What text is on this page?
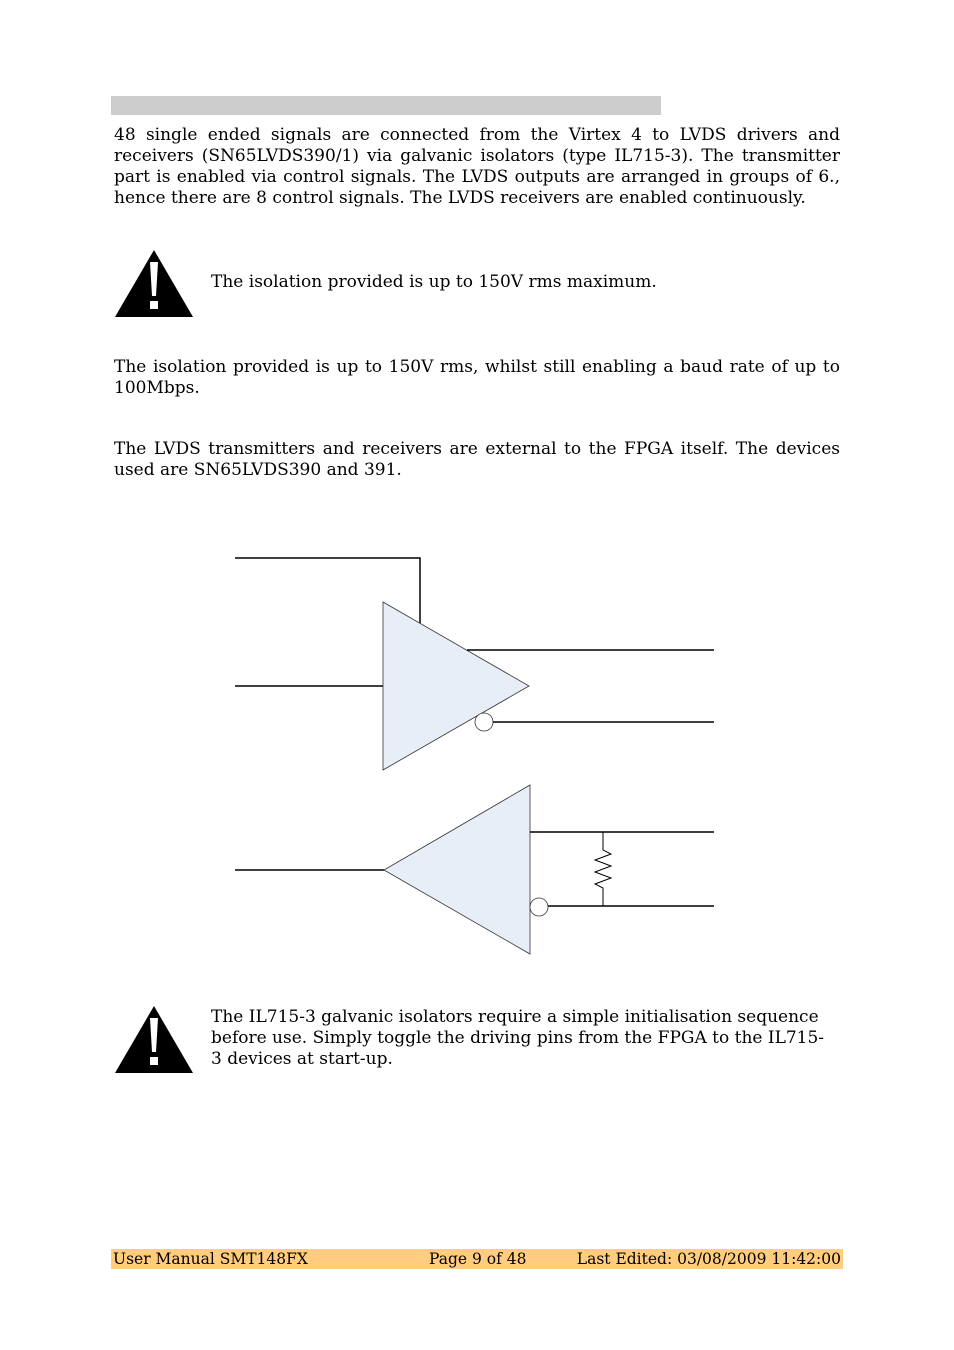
48 single ended signals are connected from the Virtex 4 to LVDS drivers and receivers (SN65LVDS390/1) via galvanic isolators (type IL715-3). The transmitter part is enabled via control signals. The LVDS outputs are arranged in groups of 6., hence there are 8 control signals. The LVDS receivers are enabled continuously.

The isolation provided is up to 150V rms maximum.

The isolation provided is up to 150V rms, whilst still enabling a baud rate of up to 100Mbps.

The LVDS transmitters and receivers are external to the FPGA itself. The devices used are SN65LVDS390 and 391.

The IL715-3 galvanic isolators require a simple initialisation sequence before use. Simply toggle the driving pins from the FPGA to the IL715-3 devices at start-up.

User Manual SMT148FX	Page 9 of 48	Last Edited: 03/08/2009 11:42:00
